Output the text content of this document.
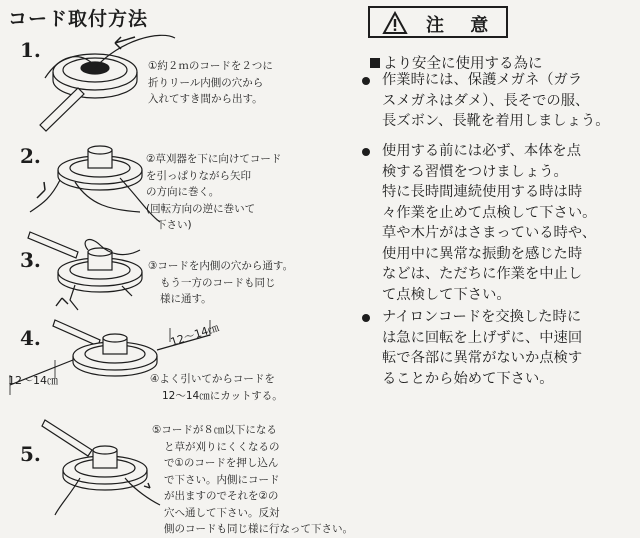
コード取付方法
1.
2.
3.
4.
5.
①約２ｍのコードを２つに
折りリール内側の穴から
入れてすき間から出す。
②草刈器を下に向けてコード
を引っぱりながら矢印
の方向に巻く。
(回転方向の逆に巻いて
下さい)
③コードを内側の穴から通す。
もう一方のコードも同じ
様に通す。
④よく引いてからコードを
12～14㎝にカットする。
⑤コードが８㎝以下になる
と草が刈りにくくなるの
で①のコードを押し込ん
で下さい。内側にコード
が出ますのでそれを②の
穴へ通して下さい。反対
側のコードも同じ様に行なって下さい。
12～14㎝
12～14㎝
注 意
より安全に使用する為に
作業時には、保護メガネ（ガラ
スメガネはダメ）、長そでの服、
長ズボン、長靴を着用しましょう。
使用する前には必ず、本体を点
検する習慣をつけましょう。
特に長時間連続使用する時は時
々作業を止めて点検して下さい。
草や木片がはさまっている時や、
使用中に異常な振動を感じた時
などは、ただちに作業を中止し
て点検して下さい。
ナイロンコードを交換した時に
は急に回転を上げずに、中速回
転で各部に異常がないか点検す
ることから始めて下さい。
